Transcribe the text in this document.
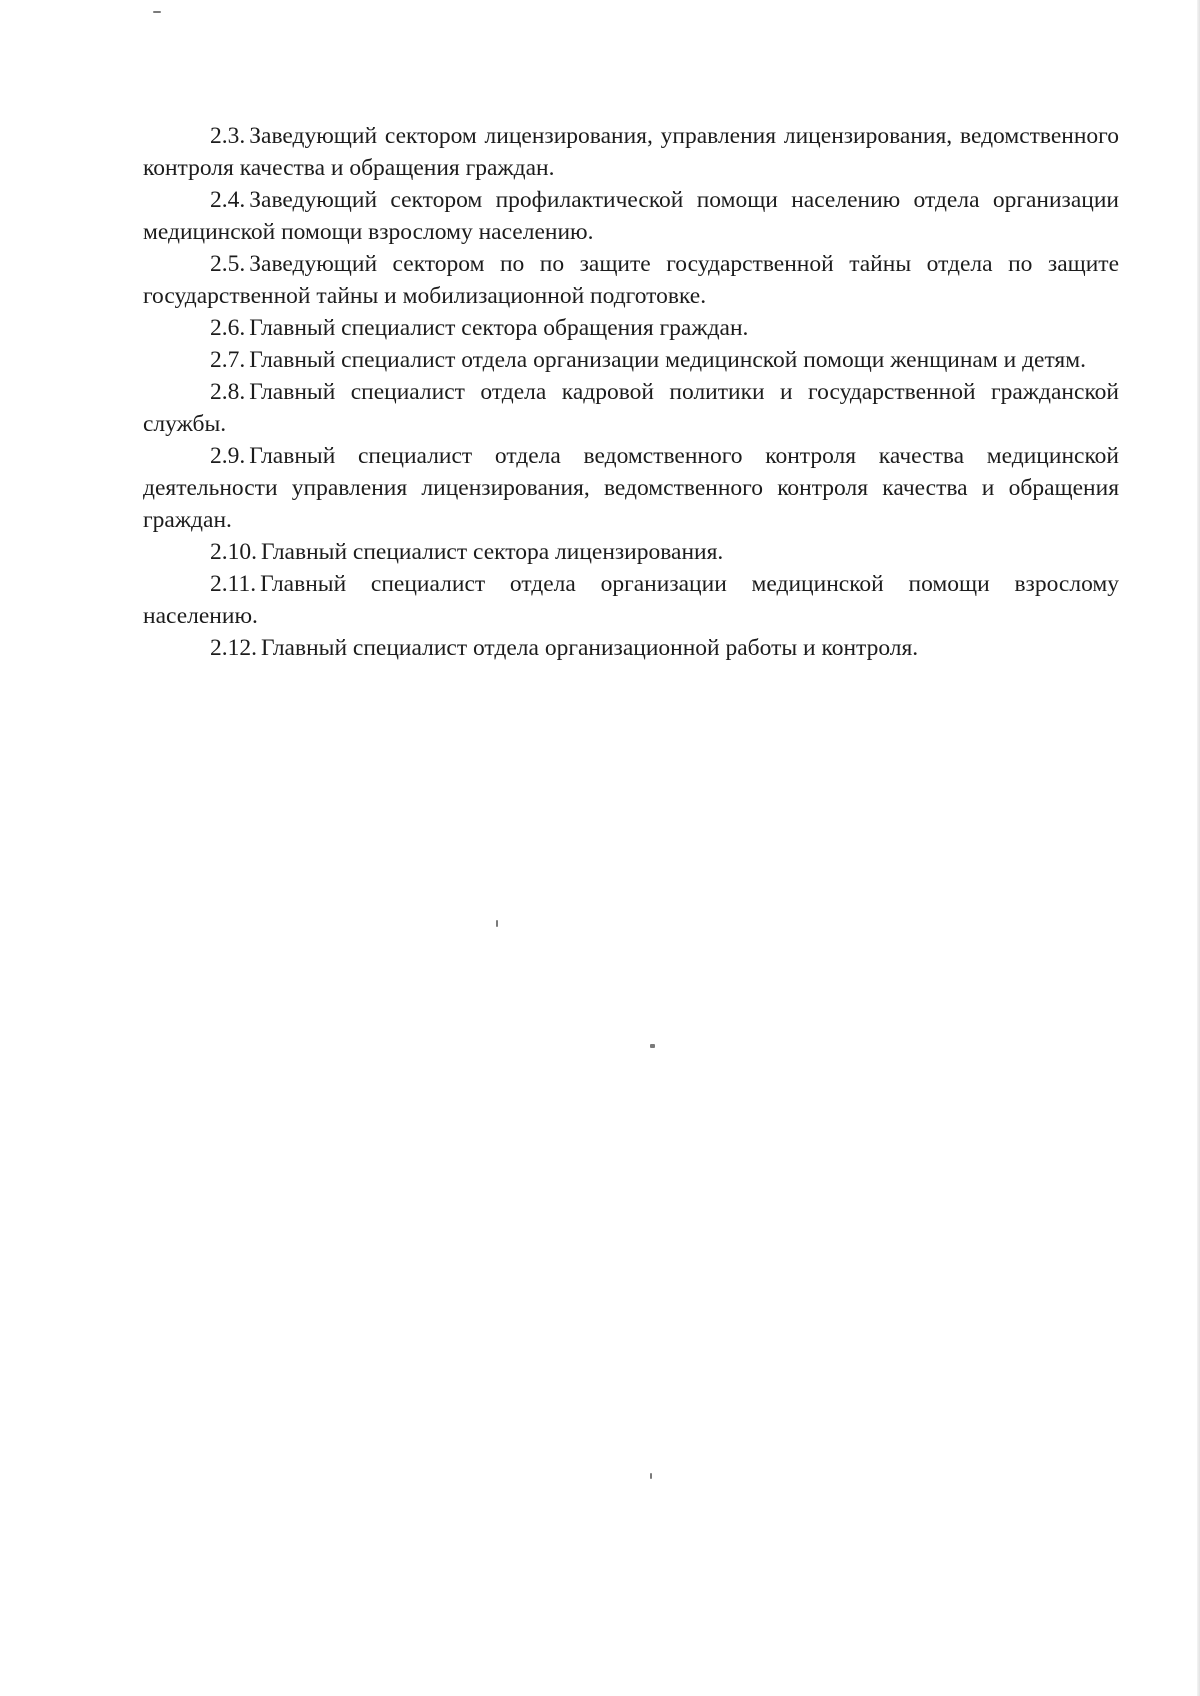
2.3. Заведующий сектором лицензирования, управления лицензирования, ведомственного контроля качества и обращения граждан.

2.4. Заведующий сектором профилактической помощи населению отдела организации медицинской помощи взрослому населению.

2.5. Заведующий сектором по по защите государственной тайны отдела по защите государственной тайны и мобилизационной подготовке.

2.6. Главный специалист сектора обращения граждан.

2.7. Главный специалист отдела организации медицинской помощи женщинам и детям.

2.8. Главный специалист отдела кадровой политики и государственной гражданской службы.

2.9. Главный специалист отдела ведомственного контроля качества медицинской деятельности управления лицензирования, ведомственного контроля качества и обращения граждан.

2.10. Главный специалист сектора лицензирования.

2.11. Главный специалист отдела организации медицинской помощи взрослому населению.

2.12. Главный специалист отдела организационной работы и контроля.
